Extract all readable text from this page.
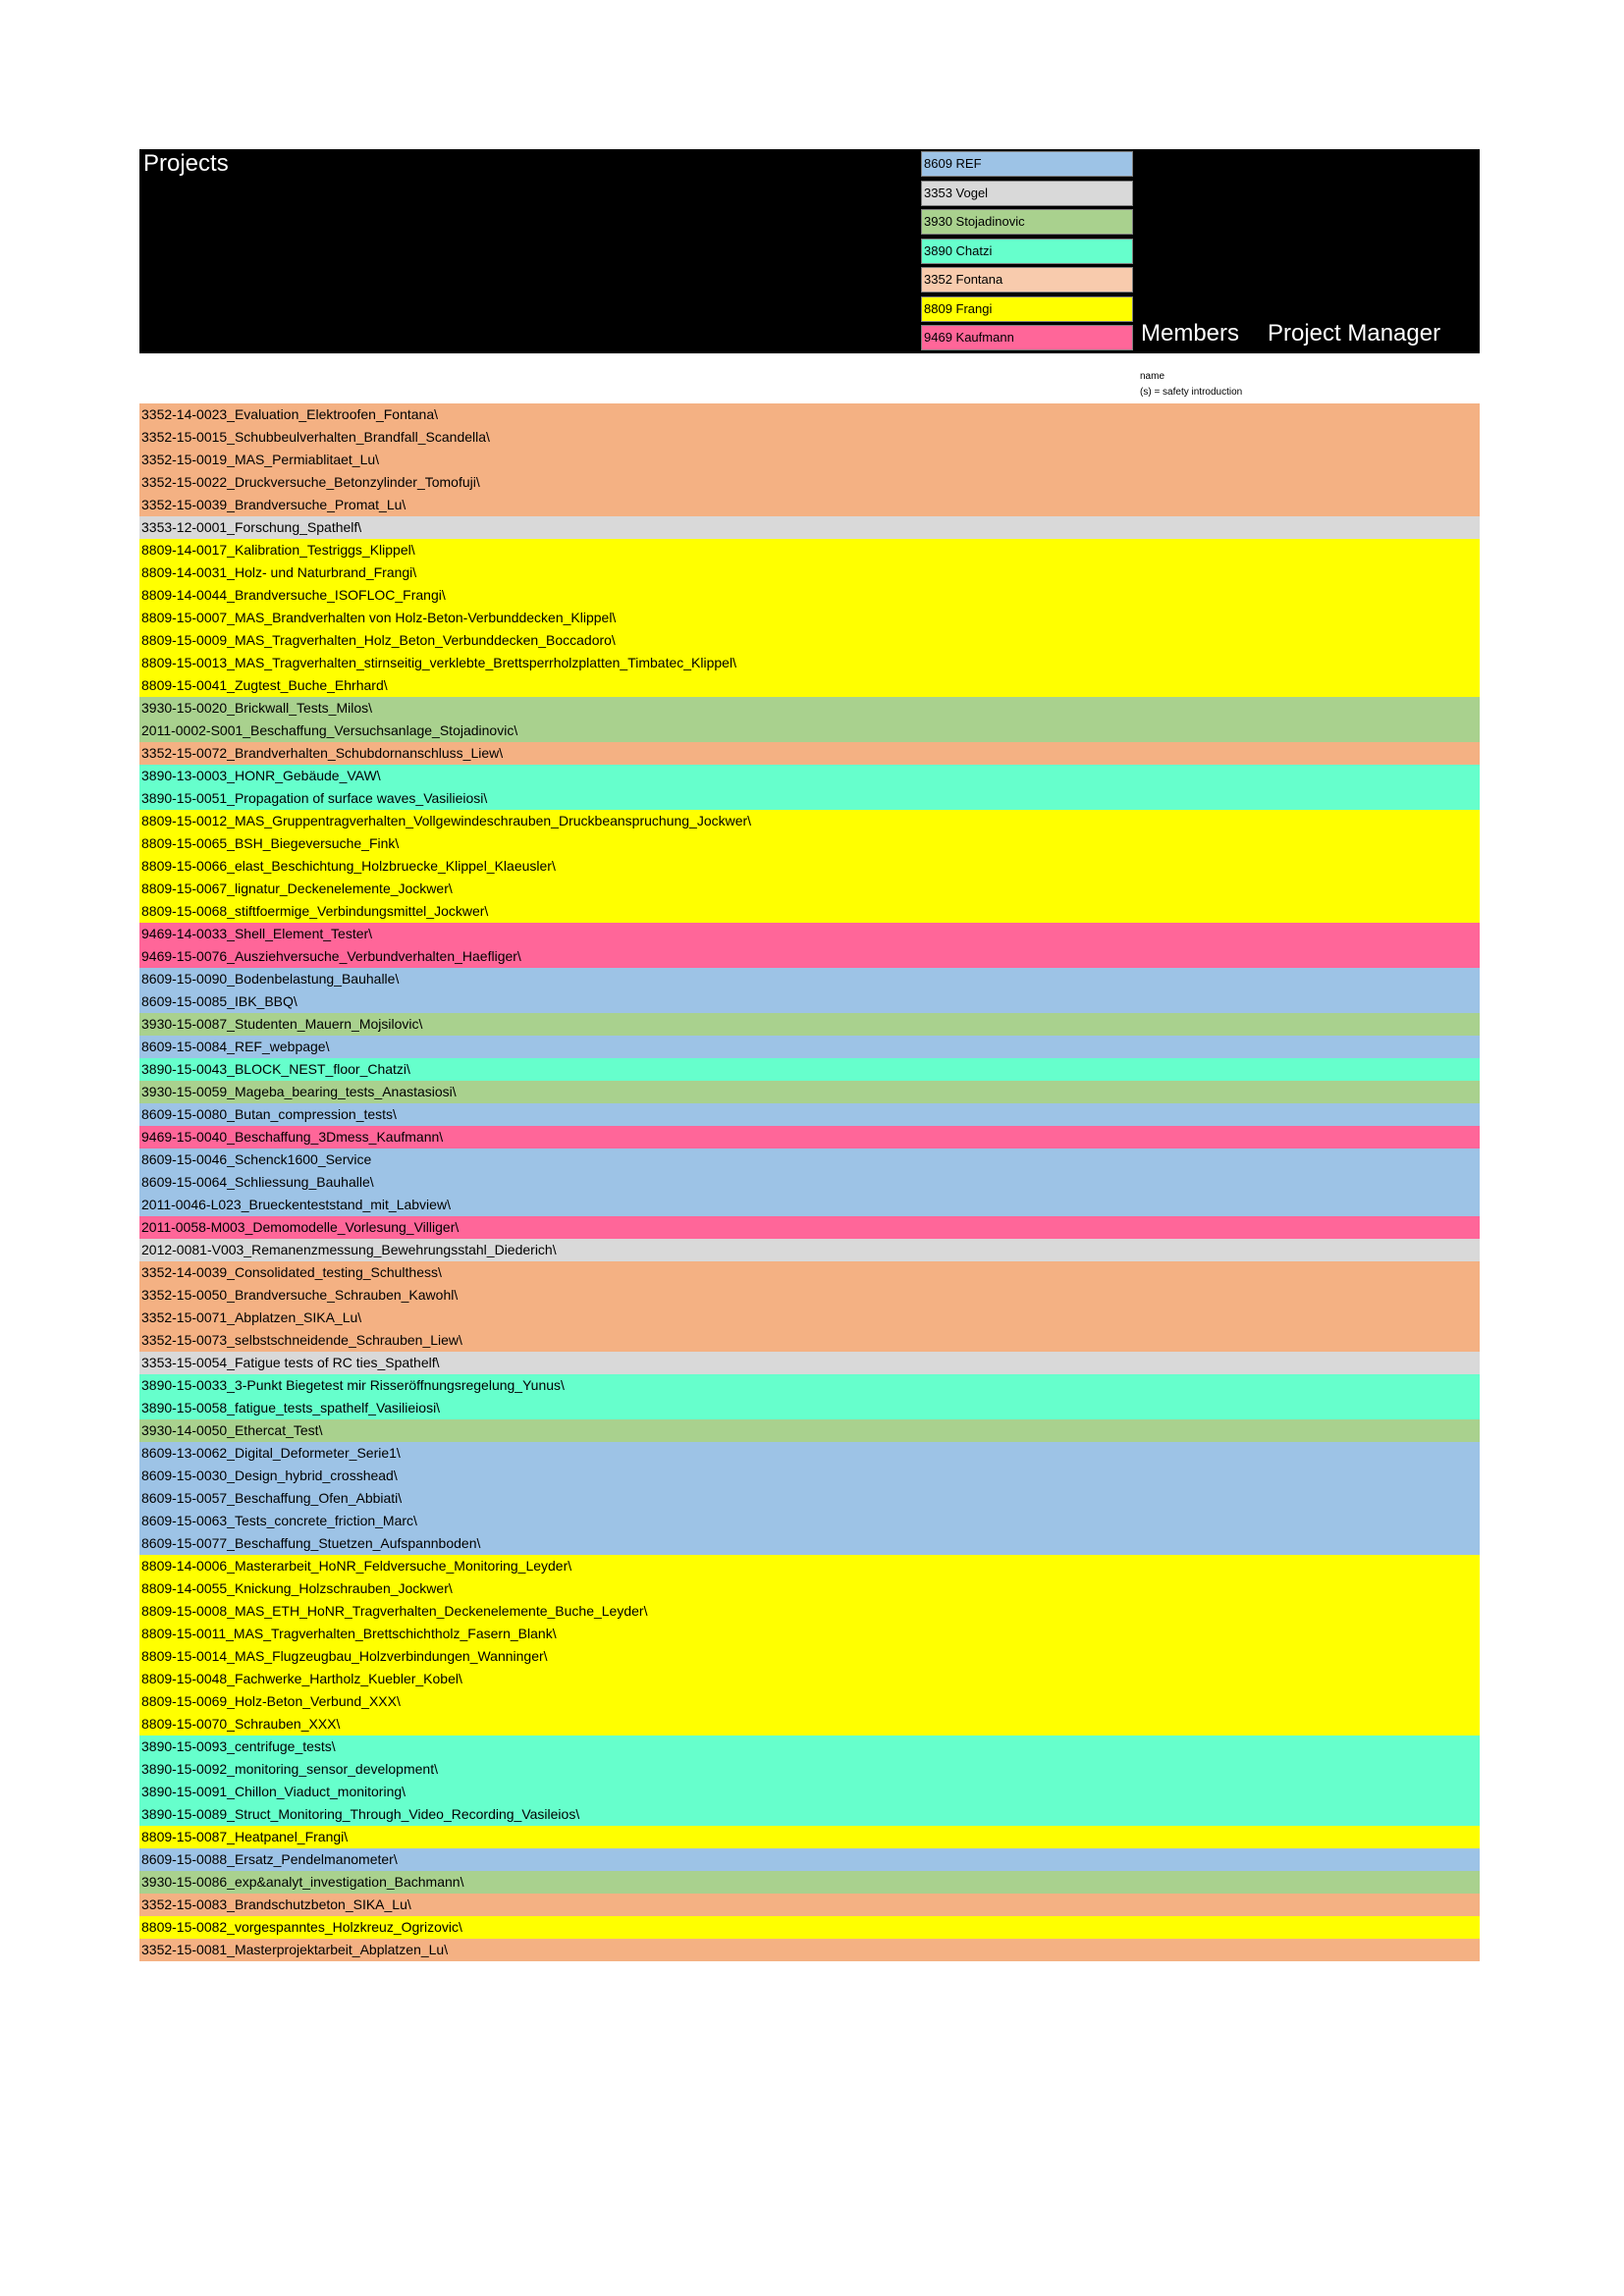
Projects	8609 REF
3353 Vogel
3930 Stojadinovic
3890 Chatzi
3352 Fontana
8809 Frangi
9469 Kaufmann	Members Project Manager
name
(s) = safety introduction
3352-14-0023_Evaluation_Elektroofen_Fontana\
3352-15-0015_Schubbeulverhalten_Brandfall_Scandella\
3352-15-0019_MAS_Permiablitaet_Lu\
3352-15-0022_Druckversuche_Betonzylinder_Tomofuji\
3352-15-0039_Brandversuche_Promat_Lu\
3353-12-0001_Forschung_Spathelf\
8809-14-0017_Kalibration_Testriggs_Klippel\
8809-14-0031_Holz- und Naturbrand_Frangi\
8809-14-0044_Brandversuche_ISOFLOC_Frangi\
8809-15-0007_MAS_Brandverhalten von Holz-Beton-Verbunddecken_Klippel\
8809-15-0009_MAS_Tragverhalten_Holz_Beton_Verbunddecken_Boccadoro\
8809-15-0013_MAS_Tragverhalten_stirnseitig_verklebte_Brettsperrholzplatten_Timbatec_Klippel\
8809-15-0041_Zugtest_Buche_Ehrhard\
3930-15-0020_Brickwall_Tests_Milos\
2011-0002-S001_Beschaffung_Versuchsanlage_Stojadinovic\
3352-15-0072_Brandverhalten_Schubdornanschluss_Liew\
3890-13-0003_HONR_Gebäude_VAW\
3890-15-0051_Propagation of surface waves_Vasilieiosi\
8809-15-0012_MAS_Gruppentragverhalten_Vollgewindeschrauben_Druckbeanspruchung_Jockwer\
8809-15-0065_BSH_Biegeversuche_Fink\
8809-15-0066_elast_Beschichtung_Holzbruecke_Klippel_Klaeusler\
8809-15-0067_lignatur_Deckenelemente_Jockwer\
8809-15-0068_stiftfoermige_Verbindungsmittel_Jockwer\
9469-14-0033_Shell_Element_Tester\
9469-15-0076_Ausziehversuche_Verbundverhalten_Haefliger\
8609-15-0090_Bodenbelastung_Bauhalle\
8609-15-0085_IBK_BBQ\
3930-15-0087_Studenten_Mauern_Mojsilovic\
8609-15-0084_REF_webpage\
3890-15-0043_BLOCK_NEST_floor_Chatzi\
3930-15-0059_Mageba_bearing_tests_Anastasiosi\
8609-15-0080_Butan_compression_tests\
9469-15-0040_Beschaffung_3Dmess_Kaufmann\
8609-15-0046_Schenck1600_Service
8609-15-0064_Schliessung_Bauhalle\
2011-0046-L023_Brueckenteststand_mit_Labview\
2011-0058-M003_Demomodelle_Vorlesung_Villiger\
2012-0081-V003_Remanenzmessung_Bewehrungsstahl_Diederich\
3352-14-0039_Consolidated_testing_Schulthess\
3352-15-0050_Brandversuche_Schrauben_Kawohl\
3352-15-0071_Abplatzen_SIKA_Lu\
3352-15-0073_selbstschneidende_Schrauben_Liew\
3353-15-0054_Fatigue tests of RC ties_Spathelf\
3890-15-0033_3-Punkt Biegetest mir Risseröffnungsregelung_Yunus\
3890-15-0058_fatigue_tests_spathelf_Vasilieiosi\
3930-14-0050_Ethercat_Test\
8609-13-0062_Digital_Deformeter_Serie1\
8609-15-0030_Design_hybrid_crosshead\
8609-15-0057_Beschaffung_Ofen_Abbiati\
8609-15-0063_Tests_concrete_friction_Marc\
8609-15-0077_Beschaffung_Stuetzen_Aufspannboden\
8809-14-0006_Masterarbeit_HoNR_Feldversuche_Monitoring_Leyder\
8809-14-0055_Knickung_Holzschrauben_Jockwer\
8809-15-0008_MAS_ETH_HoNR_Tragverhalten_Deckenelemente_Buche_Leyder\
8809-15-0011_MAS_Tragverhalten_Brettschichtholz_Fasern_Blank\
8809-15-0014_MAS_Flugzeugbau_Holzverbindungen_Wanninger\
8809-15-0048_Fachwerke_Hartholz_Kuebler_Kobel\
8809-15-0069_Holz-Beton_Verbund_XXX\
8809-15-0070_Schrauben_XXX\
3890-15-0093_centrifuge_tests\
3890-15-0092_monitoring_sensor_development\
3890-15-0091_Chillon_Viaduct_monitoring\
3890-15-0089_Struct_Monitoring_Through_Video_Recording_Vasileios\
8809-15-0087_Heatpanel_Frangi\
8609-15-0088_Ersatz_Pendelmanometer\
3930-15-0086_exp&analyt_investigation_Bachmann\
3352-15-0083_Brandschutzbeton_SIKA_Lu\
8809-15-0082_vorgespanntes_Holzkreuz_Ogrizovic\
3352-15-0081_Masterprojektarbeit_Abplatzen_Lu\
